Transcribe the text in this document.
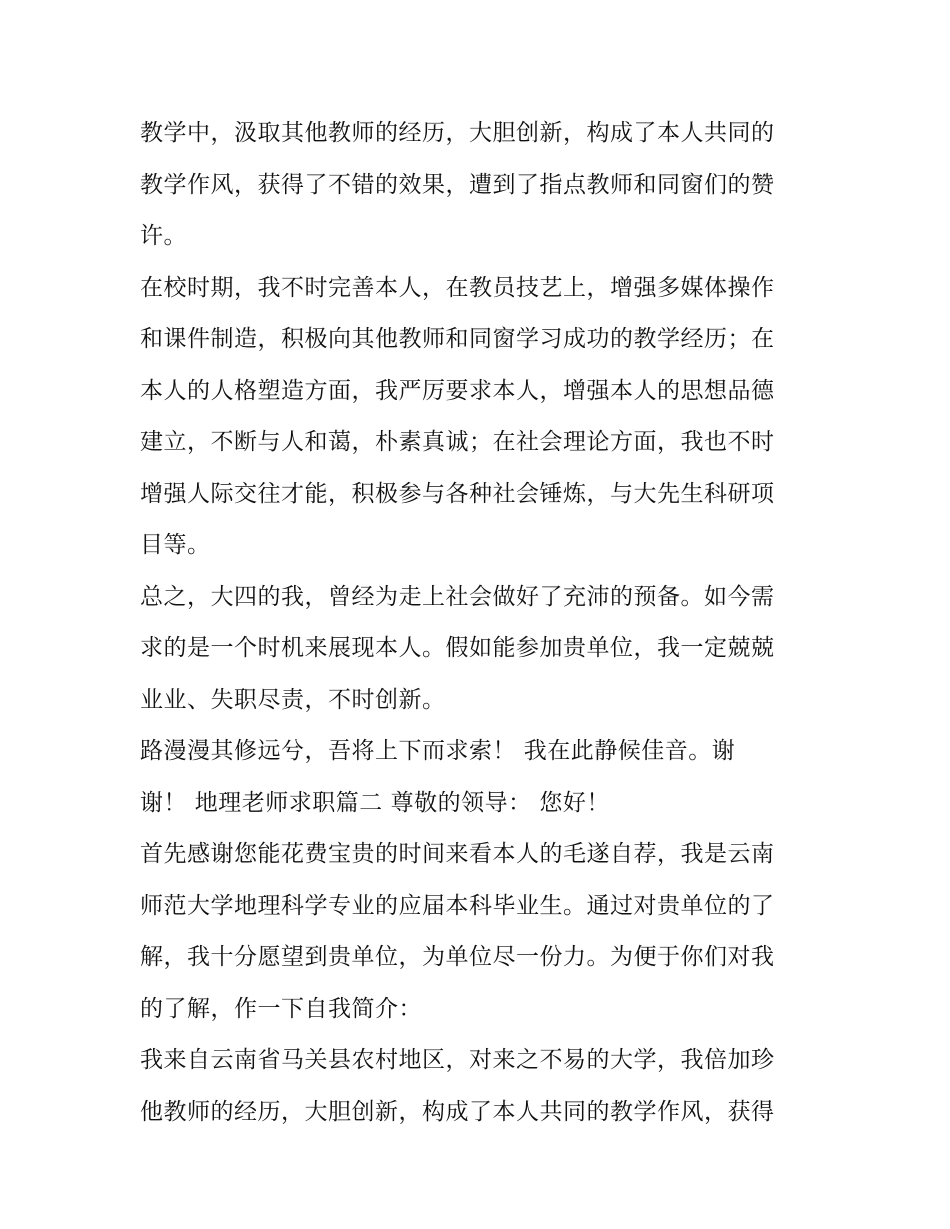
教学中，汲取其他教师的经历，大胆创新，构成了本人共同的
教学作风，获得了不错的效果，遭到了指点教师和同窗们的赞
许。
在校时期，我不时完善本人，在教员技艺上，增强多媒体操作
和课件制造，积极向其他教师和同窗学习成功的教学经历；在
本人的人格塑造方面，我严厉要求本人，增强本人的思想品德
建立，不断与人和蔼，朴素真诚；在社会理论方面，我也不时
增强人际交往才能，积极参与各种社会锤炼，与大先生科研项
目等。
总之，大四的我，曾经为走上社会做好了充沛的预备。如今需
求的是一个时机来展现本人。假如能参加贵单位，我一定兢兢
业业、失职尽责，不时创新。
路漫漫其修远兮，吾将上下而求索！ 我在此静候佳音。谢
谢！ 地理老师求职篇二 尊敬的领导： 您好！
首先感谢您能花费宝贵的时间来看本人的毛遂自荐，我是云南
师范大学地理科学专业的应届本科毕业生。通过对贵单位的了
解，我十分愿望到贵单位，为单位尽一份力。为便于你们对我
的了解，作一下自我简介：
我来自云南省马关县农村地区，对来之不易的大学，我倍加珍
他教师的经历，大胆创新，构成了本人共同的教学作风，获得
